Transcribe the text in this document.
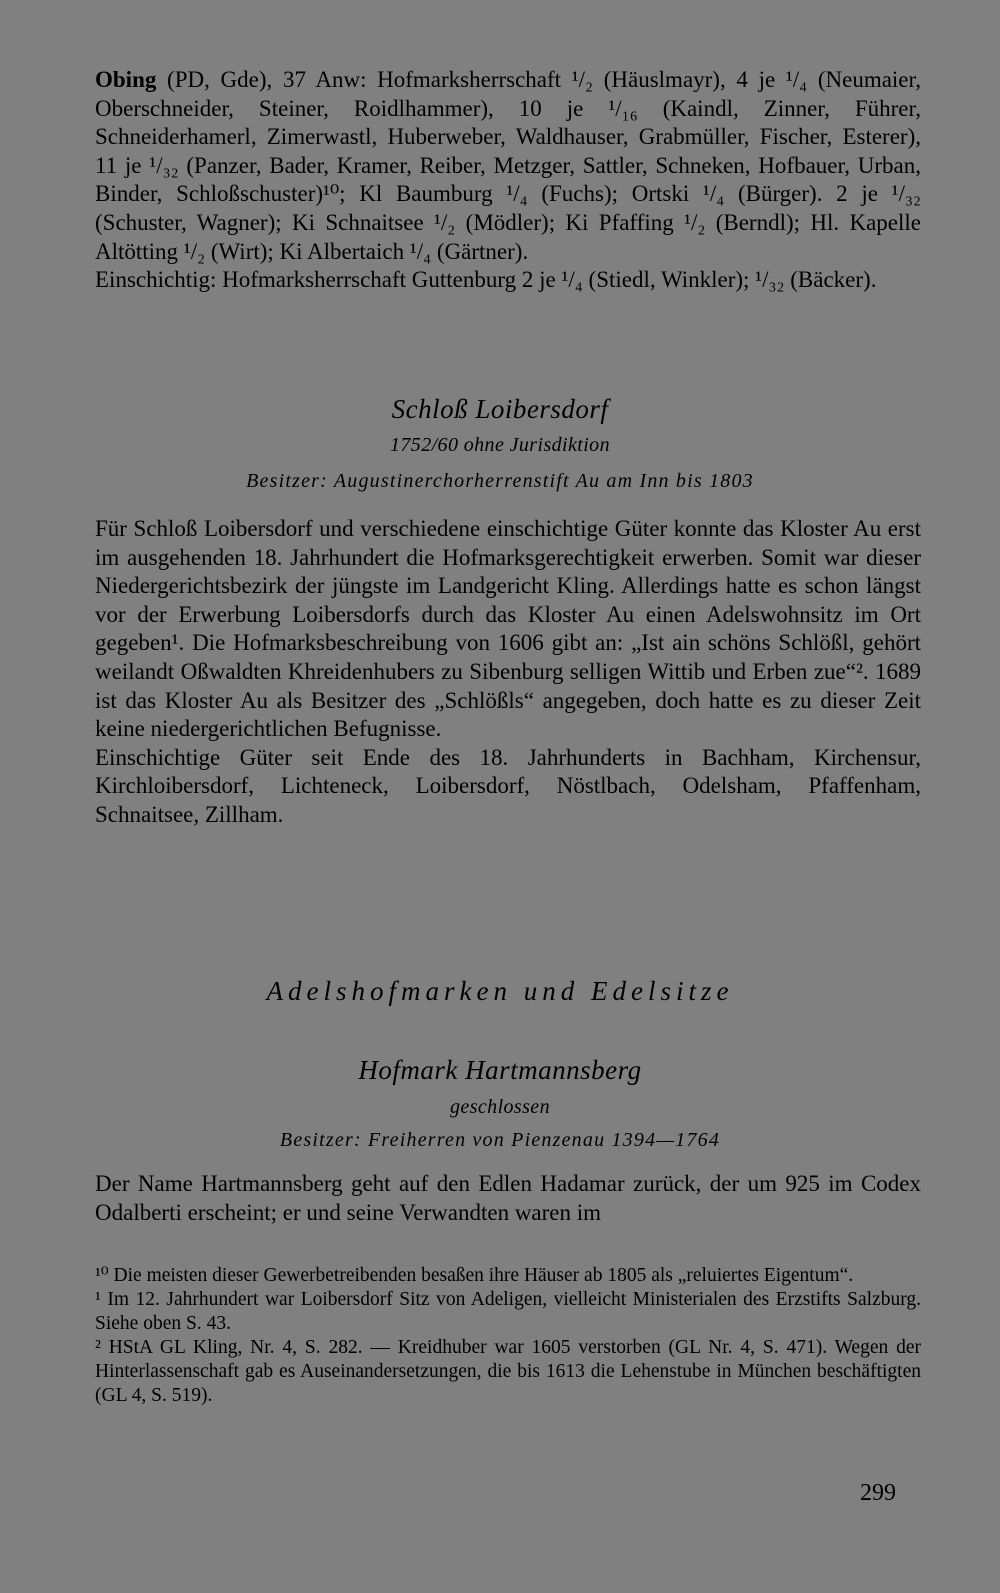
Obing (PD, Gde), 37 Anw: Hofmarksherrschaft ¹/₂ (Häuslmayr), 4 je ¹/₄ (Neumaier, Oberschneider, Steiner, Roidlhammer), 10 je ¹/₁₆ (Kaindl, Zinner, Führer, Schneiderhamerl, Zimerwastl, Huberweber, Waldhauser, Grabmüller, Fischer, Esterer), 11 je ¹/₃₂ (Panzer, Bader, Kramer, Reiber, Metzger, Sattler, Schneken, Hofbauer, Urban, Binder, Schloßschuster)¹⁰; Kl Baumburg ¹/₄ (Fuchs); Ortski ¹/₄ (Bürger). 2 je ¹/₃₂ (Schuster, Wagner); Ki Schnaitsee ¹/₂ (Mödler); Ki Pfaffing ¹/₂ (Berndl); Hl. Kapelle Altötting ¹/₂ (Wirt); Ki Albertaich ¹/₄ (Gärtner).

Einschichtig: Hofmarksherrschaft Guttenburg 2 je ¹/₄ (Stiedl, Winkler); ¹/₃₂ (Bäcker).

Schloß Loibersdorf
1752/60 ohne Jurisdiktion
Besitzer: Augustinerchorherrenstift Au am Inn bis 1803

Für Schloß Loibersdorf und verschiedene einschichtige Güter konnte das Kloster Au erst im ausgehenden 18. Jahrhundert die Hofmarksgerechtigkeit erwerben. Somit war dieser Niedergerichtsbezirk der jüngste im Landgericht Kling. Allerdings hatte es schon längst vor der Erwerbung Loibersdorfs durch das Kloster Au einen Adelswohnsitz im Ort gegeben¹. Die Hofmarksbeschreibung von 1606 gibt an: „Ist ain schöns Schlößl, gehört weilandt Oßwaldten Khreidenhubers zu Sibenburg selligen Wittib und Erben zue“². 1689 ist das Kloster Au als Besitzer des „Schlößls“ angegeben, doch hatte es zu dieser Zeit keine niedergerichtlichen Befugnisse.

Einschichtige Güter seit Ende des 18. Jahrhunderts in Bachham, Kirchensur, Kirchloibersdorf, Lichteneck, Loibersdorf, Nöstlbach, Odelsham, Pfaffenham, Schnaitsee, Zillham.

Adelshofmarken und Edelsitze
Hofmark Hartmannsberg
geschlossen
Besitzer: Freiherren von Pienzenau 1394—1764

Der Name Hartmannsberg geht auf den Edlen Hadamar zurück, der um 925 im Codex Odalberti erscheint; er und seine Verwandten waren im

¹⁰ Die meisten dieser Gewerbetreibenden besaßen ihre Häuser ab 1805 als „reluiertes Eigentum“.

¹ Im 12. Jahrhundert war Loibersdorf Sitz von Adeligen, vielleicht Ministerialen des Erzstifts Salzburg. Siehe oben S. 43.

² HStA GL Kling, Nr. 4, S. 282. — Kreidhuber war 1605 verstorben (GL Nr. 4, S. 471). Wegen der Hinterlassenschaft gab es Auseinandersetzungen, die bis 1613 die Lehenstube in München beschäftigten (GL 4, S. 519).

299
